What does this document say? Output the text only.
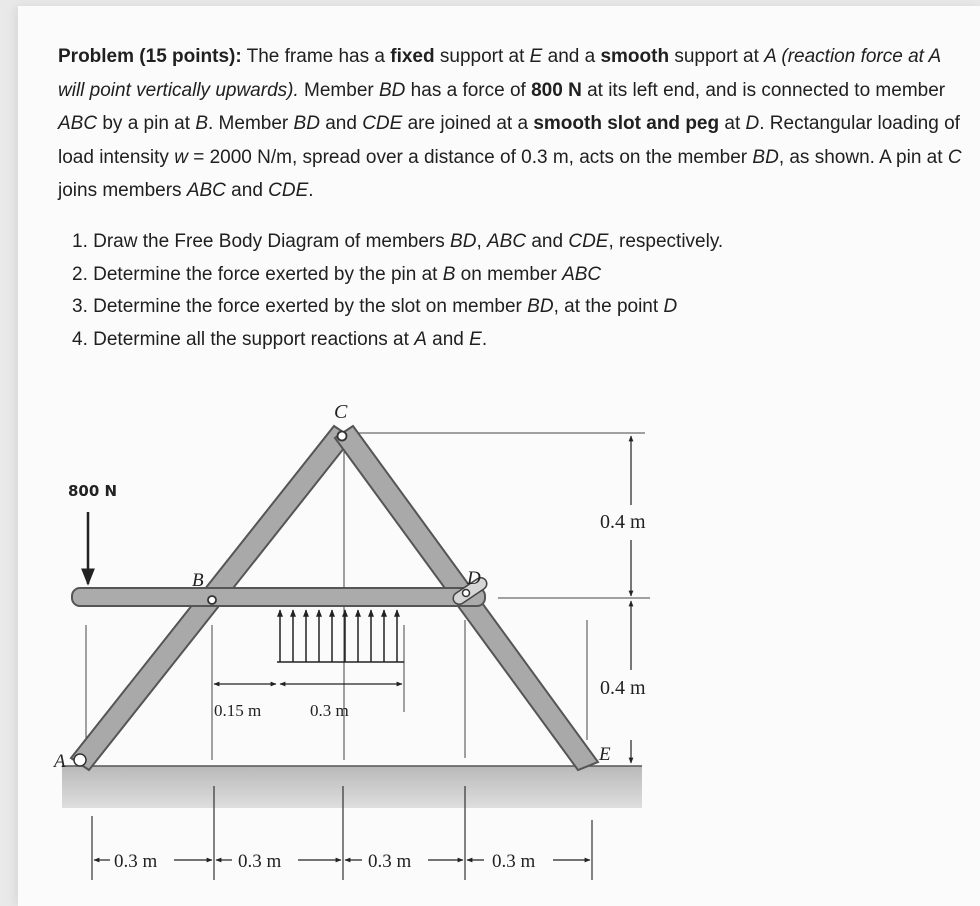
Problem (15 points): The frame has a fixed support at E and a smooth support at A (reaction force at A will point vertically upwards). Member BD has a force of 800 N at its left end, and is connected to member ABC by a pin at B. Member BD and CDE are joined at a smooth slot and peg at D. Rectangular loading of load intensity w = 2000 N/m, spread over a distance of 0.3 m, acts on the member BD, as shown. A pin at C joins members ABC and CDE.

1. Draw the Free Body Diagram of members BD, ABC and CDE, respectively.
2. Determine the force exerted by the pin at B on member ABC
3. Determine the force exerted by the slot on member BD, at the point D
4. Determine all the support reactions at A and E.
800 N
A
B
C
D
E
0.4 m
0.4 m
0.15 m	0.3 m
0.3 m	0.3 m	0.3 m	0.3 m
